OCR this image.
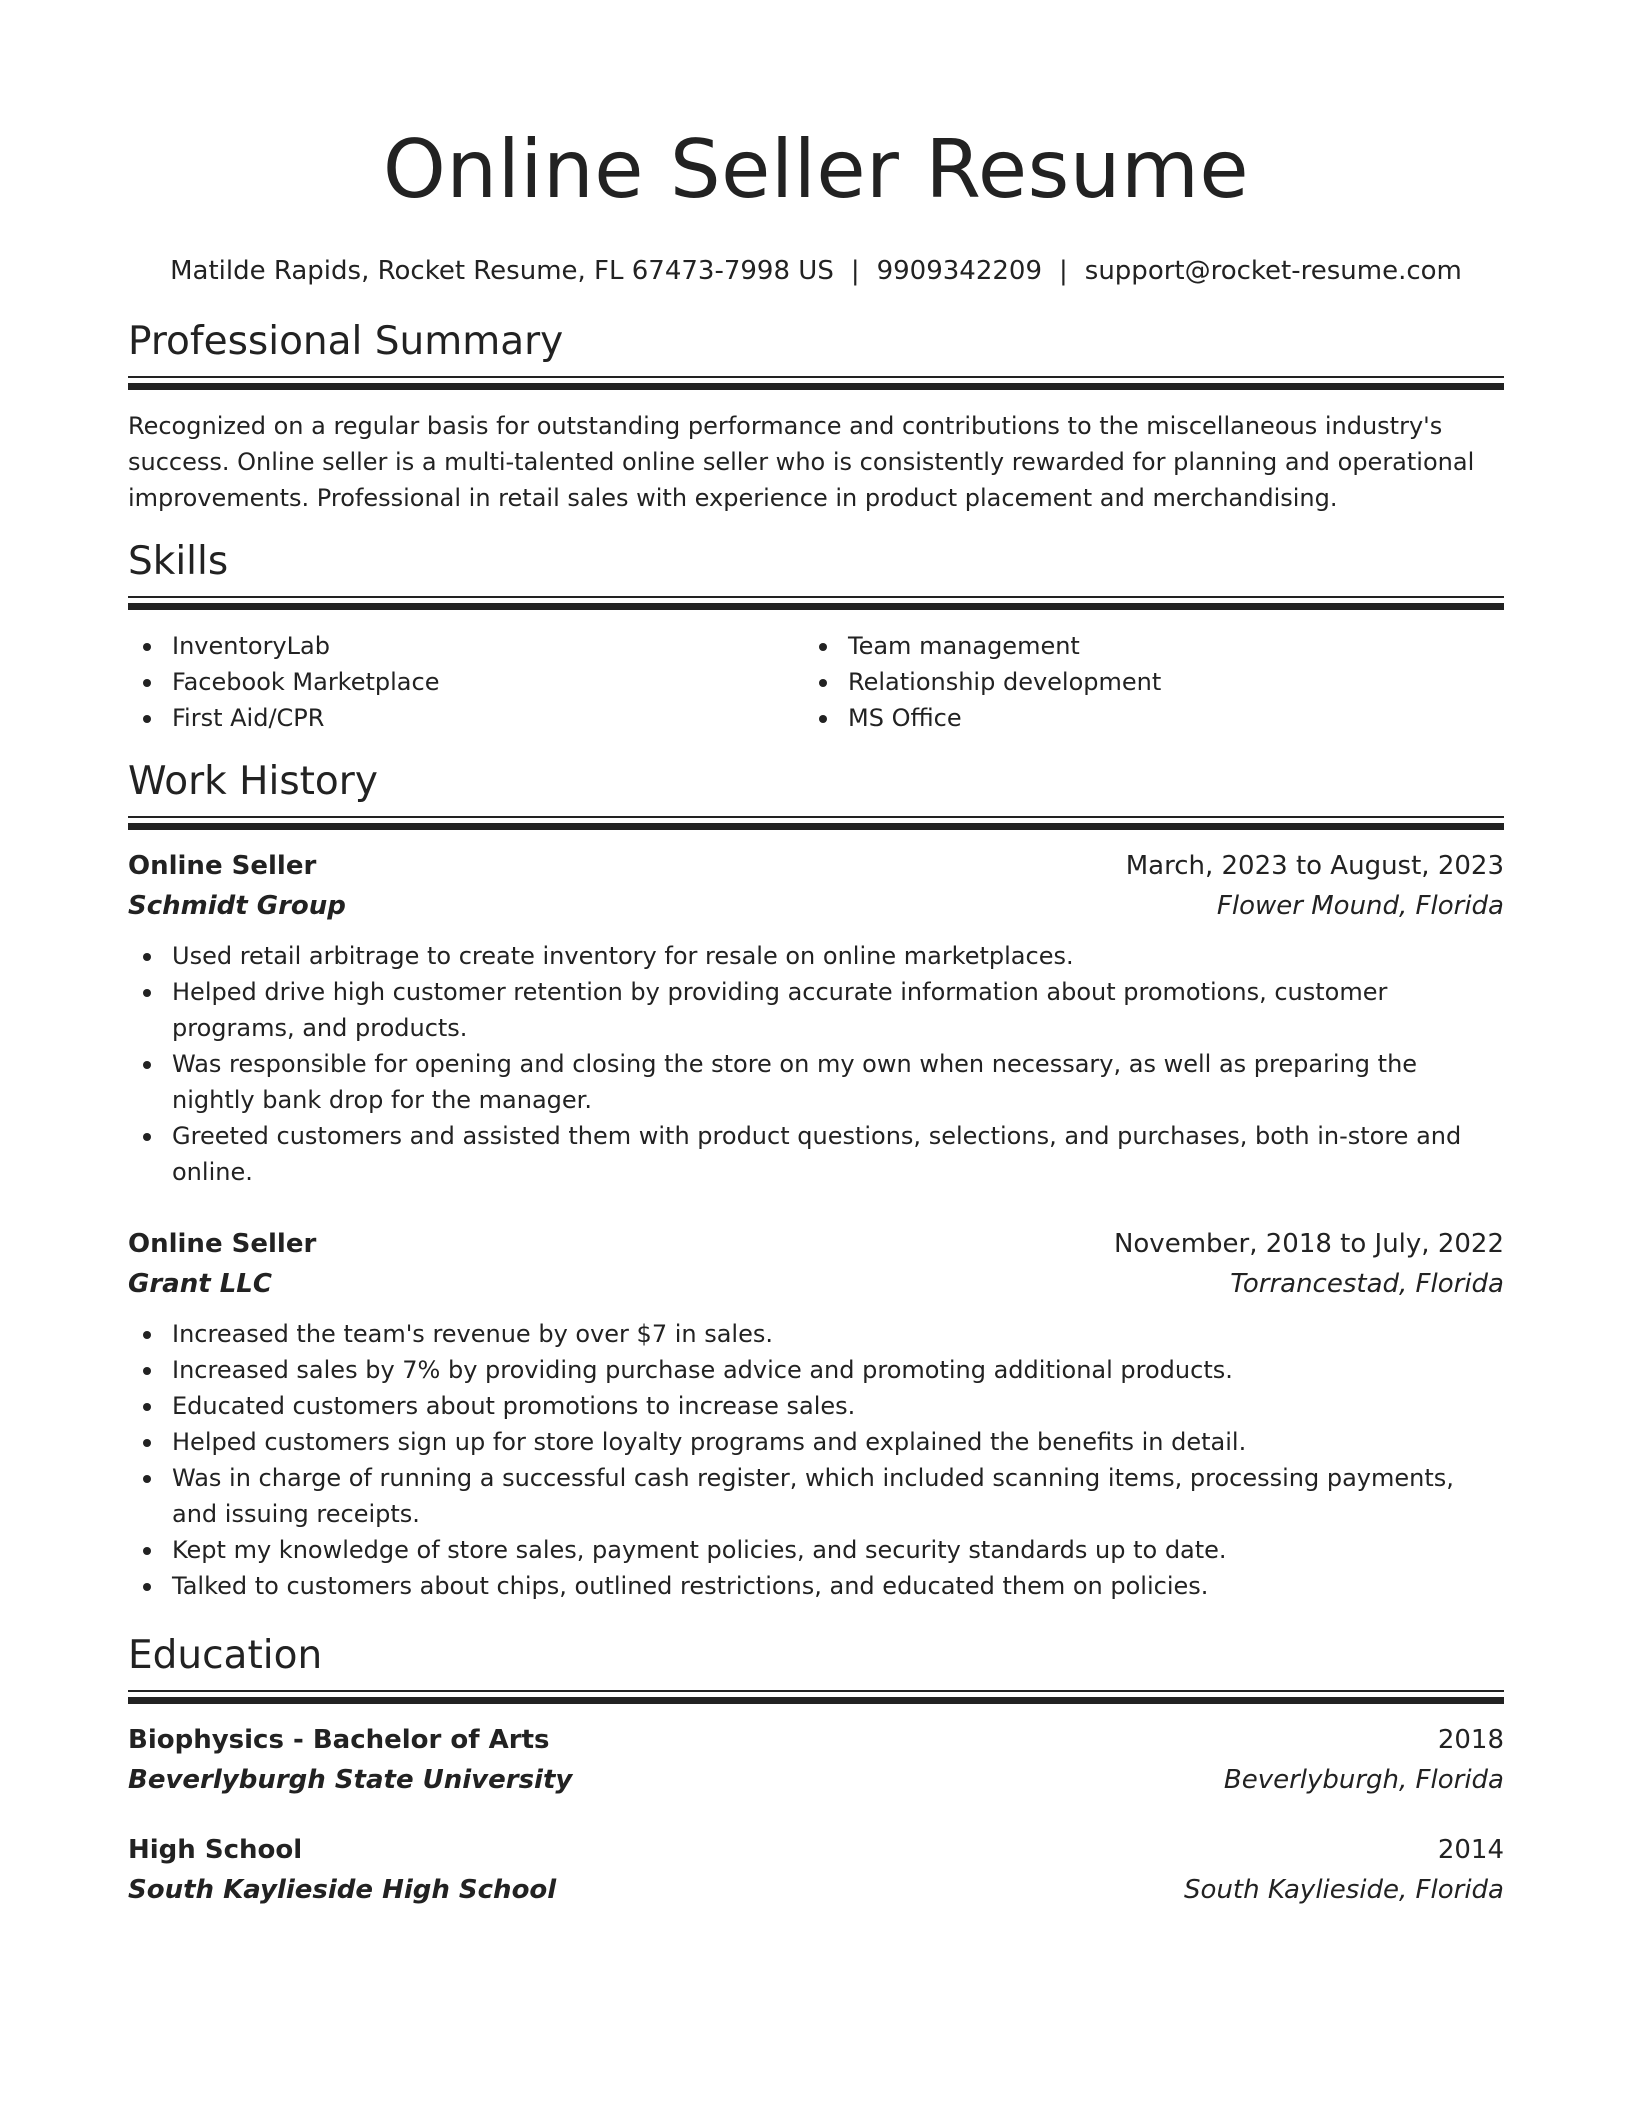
Online Seller Resume
Matilde Rapids, Rocket Resume, FL 67473-7998 US | 9909342209 | support@rocket-resume.com
Professional Summary

Recognized on a regular basis for outstanding performance and contributions to the miscellaneous industry's success. Online seller is a multi-talented online seller who is consistently rewarded for planning and operational improvements. Professional in retail sales with experience in product placement and merchandising.

Skills
InventoryLab
Facebook Marketplace
First Aid/CPR
Team management
Relationship development
MS Office
Work History
Online Seller	March, 2023 to August, 2023
Schmidt Group	Flower Mound, Florida
Used retail arbitrage to create inventory for resale on online marketplaces.
Helped drive high customer retention by providing accurate information about promotions, customer programs, and products.
Was responsible for opening and closing the store on my own when necessary, as well as preparing the nightly bank drop for the manager.
Greeted customers and assisted them with product questions, selections, and purchases, both in-store and online.
Online Seller	November, 2018 to July, 2022
Grant LLC	Torrancestad, Florida
Increased the team's revenue by over $7 in sales.
Increased sales by 7% by providing purchase advice and promoting additional products.
Educated customers about promotions to increase sales.
Helped customers sign up for store loyalty programs and explained the benefits in detail.
Was in charge of running a successful cash register, which included scanning items, processing payments, and issuing receipts.
Kept my knowledge of store sales, payment policies, and security standards up to date.
Talked to customers about chips, outlined restrictions, and educated them on policies.
Education
Biophysics - Bachelor of Arts	2018
Beverlyburgh State University	Beverlyburgh, Florida
High School	2014
South Kaylieside High School	South Kaylieside, Florida
